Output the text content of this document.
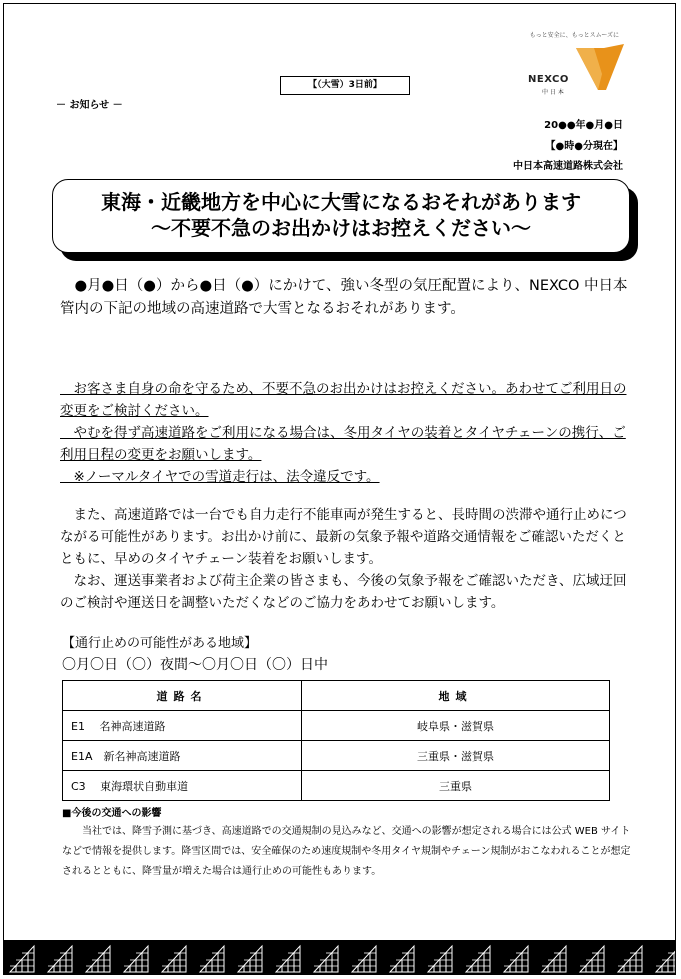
もっと安全に、もっとスムーズに
NEXCO
中 日 本
【（大雪）3日前】
－ お知らせ －
20●●年●月●日
【●時●分現在】
中日本高速道路株式会社
東海・近畿地方を中心に大雪になるおそれがあります
～不要不急のお出かけはお控えください～
　●月●日（●）から●日（●）にかけて、強い冬型の気圧配置により、NEXCO 中日本管内の下記の地域の高速道路で大雪となるおそれがあります。
　お客さま自身の命を守るため、不要不急のお出かけはお控えください。あわせてご利用日の変更をご検討ください。
　やむを得ず高速道路をご利用になる場合は、冬用タイヤの装着とタイヤチェーンの携行、ご利用日程の変更をお願いします。
　※ノーマルタイヤでの雪道走行は、法令違反です。
　また、高速道路では一台でも自力走行不能車両が発生すると、長時間の渋滞や通行止めにつながる可能性があります。お出かけ前に、最新の気象予報や道路交通情報をご確認いただくとともに、早めのタイヤチェーン装着をお願いします。
　なお、運送事業者および荷主企業の皆さまも、今後の気象予報をご確認いただき、広域迂回のご検討や運送日を調整いただくなどのご協力をあわせてお願いします。
【通行止めの可能性がある地域】
〇月〇日（〇）夜間～〇月〇日（〇）日中
道路名	地域
E1　 名神高速道路	岐阜県・滋賀県
E1A　新名神高速道路	三重県・滋賀県
C3　 東海環状自動車道	三重県
■今後の交通への影響
当社では、降雪予測に基づき、高速道路での交通規制の見込みなど、交通への影響が想定される場合には公式 WEB サイトなどで情報を提供します。降雪区間では、安全確保のため速度規制や冬用タイヤ規制やチェーン規制がおこなわれることが想定されるとともに、降雪量が増えた場合は通行止めの可能性もあります。
